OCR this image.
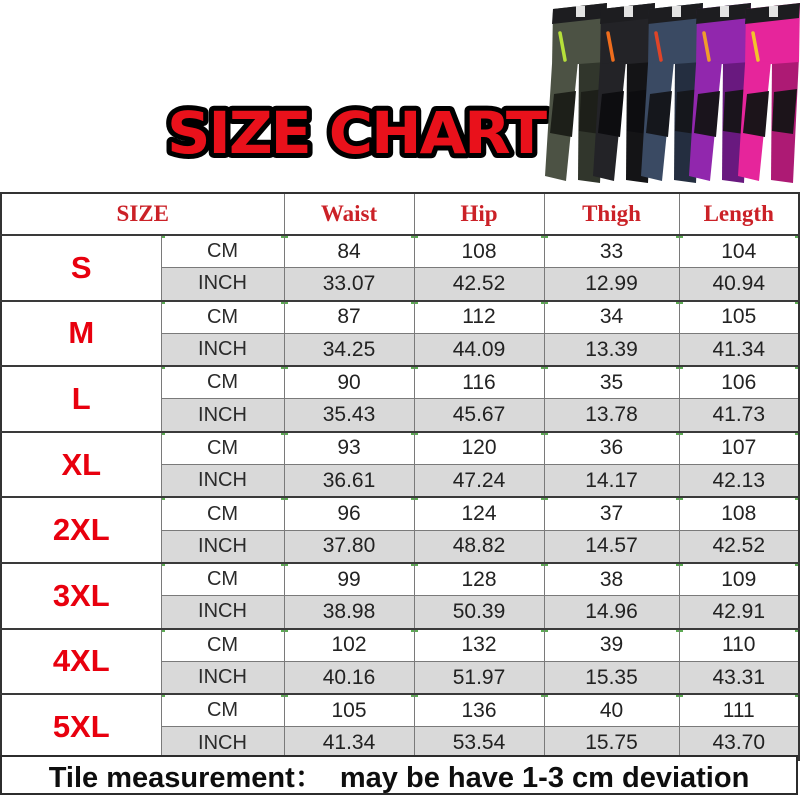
SIZE CHART
SIZE		Waist	Hip	Thigh	Length
S	CM	84	108	33	104
	INCH	33.07	42.52	12.99	40.94
M	CM	87	112	34	105
	INCH	34.25	44.09	13.39	41.34
L	CM	90	116	35	106
	INCH	35.43	45.67	13.78	41.73
XL	CM	93	120	36	107
	INCH	36.61	47.24	14.17	42.13
2XL	CM	96	124	37	108
	INCH	37.80	48.82	14.57	42.52
3XL	CM	99	128	38	109
	INCH	38.98	50.39	14.96	42.91
4XL	CM	102	132	39	110
	INCH	40.16	51.97	15.35	43.31
5XL	CM	105	136	40	111
	INCH	41.34	53.54	15.75	43.70
Tile measurement：  may be have 1-3 cm deviation
